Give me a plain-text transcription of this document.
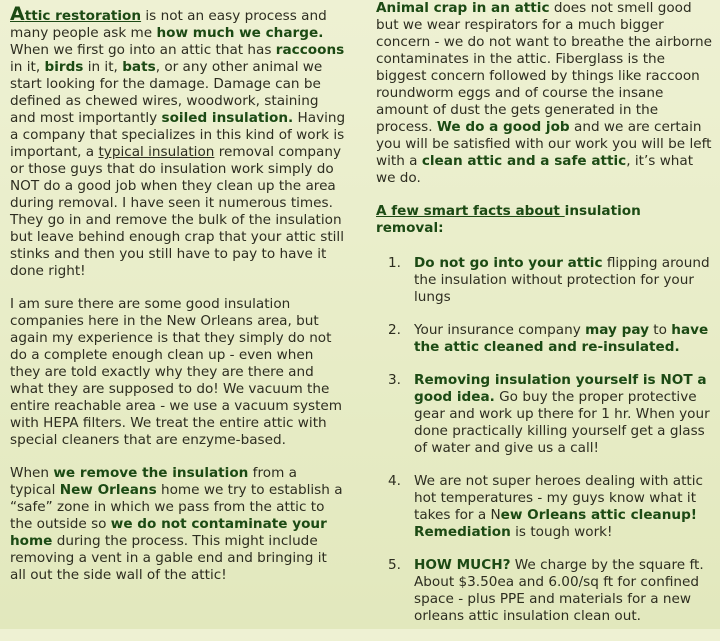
Attic restoration is not an easy process and many people ask me how much we charge. When we first go into an attic that has raccoons in it, birds in it, bats, or any other animal we start looking for the damage. Damage can be defined as chewed wires, woodwork, staining and most importantly soiled insulation. Having a company that specializes in this kind of work is important, a typical insulation removal company or those guys that do insulation work simply do NOT do a good job when they clean up the area during removal. I have seen it numerous times. They go in and remove the bulk of the insulation but leave behind enough crap that your attic still stinks and then you still have to pay to have it done right!

I am sure there are some good insulation companies here in the New Orleans area, but again my experience is that they simply do not do a complete enough clean up - even when they are told exactly why they are there and what they are supposed to do! We vacuum the entire reachable area - we use a vacuum system with HEPA filters. We treat the entire attic with special cleaners that are enzyme-based.

When we remove the insulation from a typical New Orleans home we try to establish a “safe” zone in which we pass from the attic to the outside so we do not contaminate your home during the process. This might include removing a vent in a gable end and bringing it all out the side wall of the attic!

Animal crap in an attic does not smell good but we wear respirators for a much bigger concern - we do not want to breathe the airborne contaminates in the attic. Fiberglass is the biggest concern followed by things like raccoon roundworm eggs and of course the insane amount of dust the gets generated in the process. We do a good job and we are certain you will be satisfied with our work you will be left with a clean attic and a safe attic, it’s what we do.

A few smart facts about insulation removal:
1. Do not go into your attic flipping around the insulation without protection for your lungs
2. Your insurance company may pay to have the attic cleaned and re-insulated.
3. Removing insulation yourself is NOT a good idea. Go buy the proper protective gear and work up there for 1 hr. When your done practically killing yourself get a glass of water and give us a call!
4. We are not super heroes dealing with attic hot temperatures - my guys know what it takes for a New Orleans attic cleanup! Remediation is tough work!
5. HOW MUCH? We charge by the square ft. About $3.50ea and 6.00/sq ft for confined space - plus PPE and materials for a new orleans attic insulation clean out.
